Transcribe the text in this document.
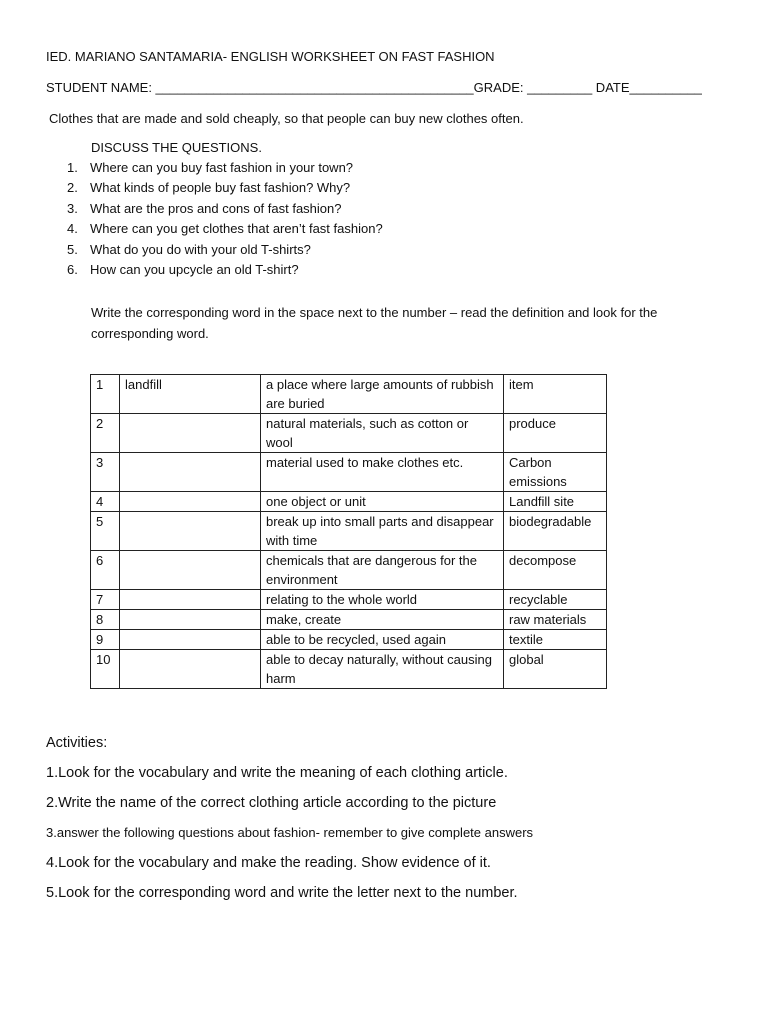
IED. MARIANO SANTAMARIA- ENGLISH WORKSHEET ON FAST FASHION
STUDENT NAME: ____________________________________________GRADE: _________ DATE__________
Clothes that are made and sold cheaply, so that people can buy new clothes often.
DISCUSS THE QUESTIONS.
1. Where can you buy fast fashion in your town?
2. What kinds of people buy fast fashion? Why?
3. What are the pros and cons of fast fashion?
4. Where can you get clothes that aren’t fast fashion?
5. What do you do with your old T-shirts?
6. How can you upcycle an old T-shirt?
Write the corresponding word in the space next to the number – read the definition and look for the corresponding word.
1	landfill	a place where large amounts of rubbish are buried	item
2		natural materials, such as cotton or wool	produce
3		material used to make clothes etc.	Carbon emissions
4		one object or unit	Landfill site
5		break up into small parts and disappear with time	biodegradable
6		chemicals that are dangerous for the environment	decompose
7		relating to the whole world	recyclable
8		make, create	raw materials
9		able to be recycled, used again	textile
10		able to decay naturally, without causing harm	global
Activities:
1.Look for the vocabulary and write the meaning of each clothing article.
2.Write the name of the correct clothing article according to the picture
3.answer the following questions about fashion- remember to give complete answers
4.Look for the vocabulary and make the reading. Show evidence of it.
5.Look for the corresponding word and write the letter next to the number.
